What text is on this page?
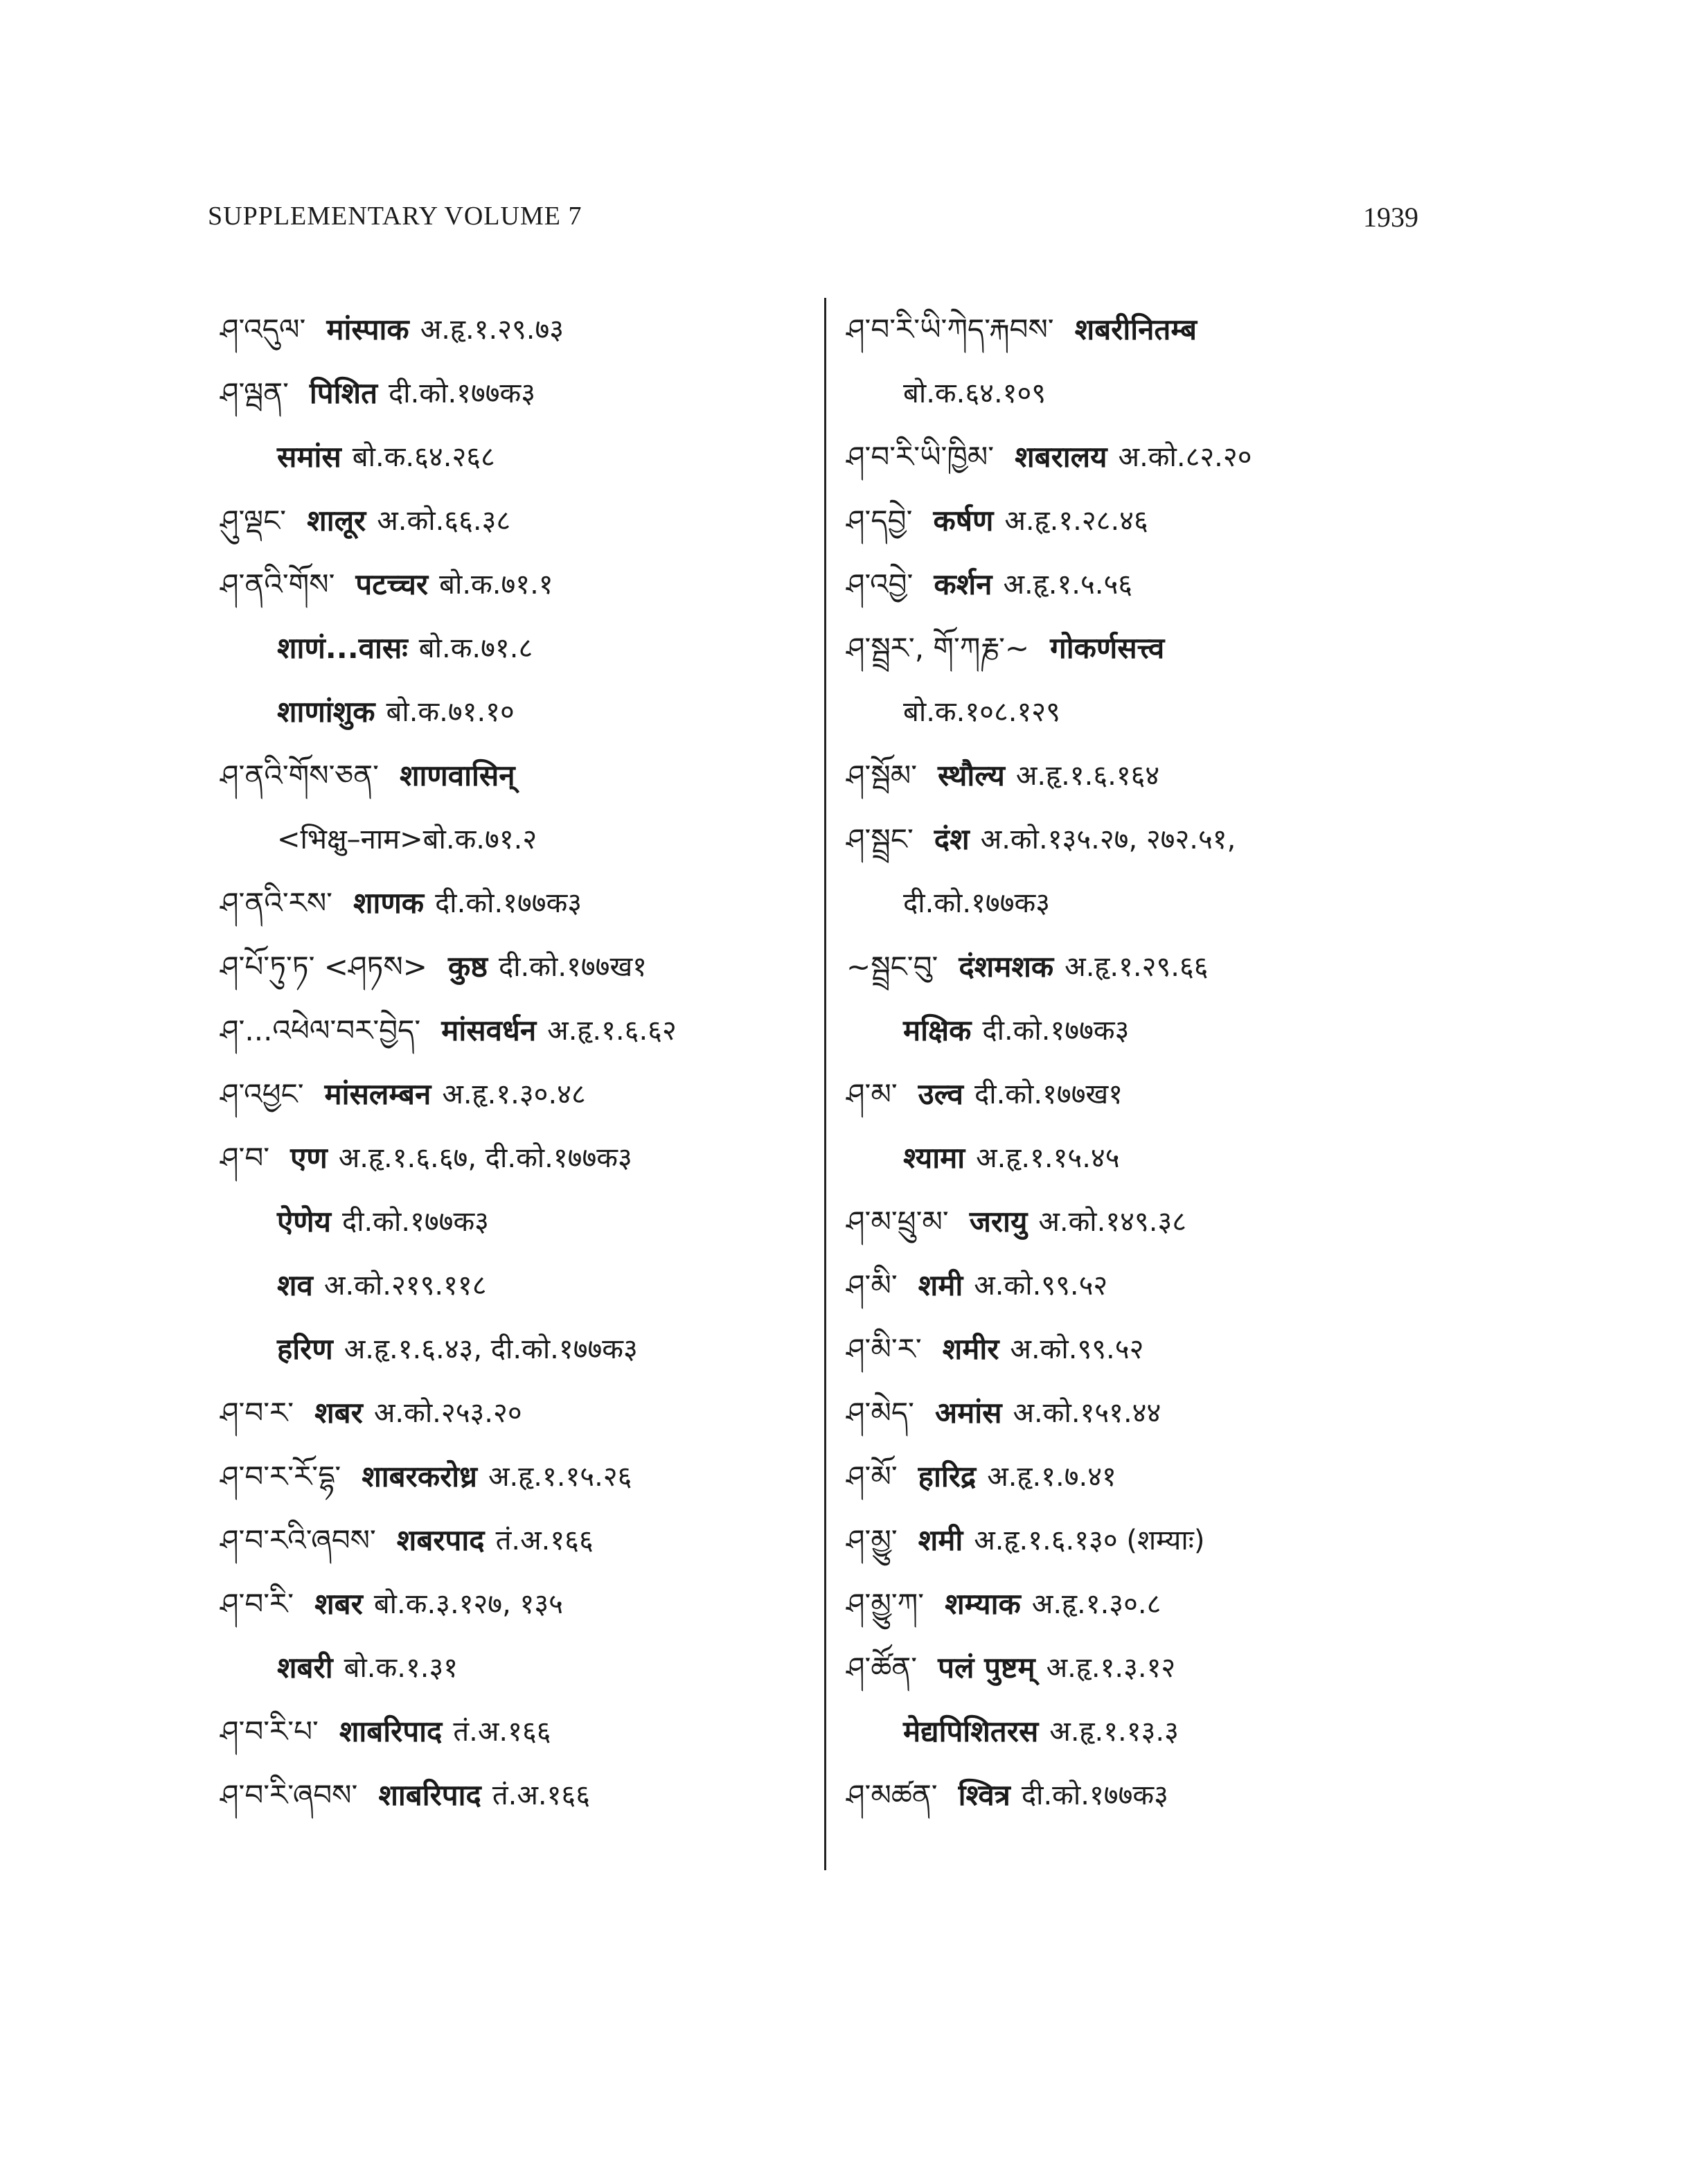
SUPPLEMENTARY VOLUME 7	1939
ཤ་འདུལ་ मांस्पाक अ.हृ.१.२९.७३
ཤ་ལྦན་ पिशित दी.को.१७७क३
समांस बो.क.६४.२६८
ཤུ་ལྡང་ शालूर अ.को.६६.३८
ཤ་ནའི་གོས་ पटच्चर बो.क.७१.१
शाणं...वासः बो.क.७१.८
शाणांशुक बो.क.७१.१०
ཤ་ནའི་གོས་ཅན་ शाणवासिन्
<भिक्षु–नाम>बो.क.७१.२
ཤ་ནའི་རས་ शाणक दी.को.१७७क३
ཤ་པོ་ཏུ་ཏ་ <ཤཏས> कुष्ठ दी.को.१७७ख१
ཤ་...འཕེལ་བར་བྱེད་ मांसवर्धन अ.हृ.१.६.६२
ཤ་འཕྱང་ मांसलम्बन अ.हृ.१.३०.४८
ཤ་བ་ एण अ.हृ.१.६.६७, दी.को.१७७क३
ऐणेय दी.को.१७७क३
शव अ.को.२१९.११८
हरिण अ.हृ.१.६.४३, दी.को.१७७क३
ཤ་བ་ར་ शबर अ.को.२५३.२०
ཤ་བ་ར་རོ་དྷ་ शाबरकरोध्र अ.हृ.१.१५.२६
ཤ་བ་རའི་ཞབས་ शबरपाद तं.अ.१६६
ཤ་བ་རི་ शबर बो.क.३.१२७, १३५
शबरी बो.क.१.३१
ཤ་བ་རི་པ་ शाबरिपाद तं.अ.१६६
ཤ་བ་རི་ཞབས་ शाबरिपाद तं.अ.१६६
ཤ་བ་རི་ཡི་ཀེད་རྐབས་ शबरीनितम्ब
बो.क.६४.१०९
ཤ་བ་རི་ཡི་ཁྱིམ་ शबरालय अ.को.८२.२०
ཤ་དབྱེ་ कर्षण अ.हृ.१.२८.४६
ཤ་འབྱེ་ कर्शन अ.हृ.१.५.५६
ཤ་སྦྲར་, གོ་ཀརྞ་~ गोकर्णसत्त्व
बो.क.१०८.१२९
ཤ་སྦོམ་ स्थौल्य अ.हृ.१.६.१६४
ཤ་སྦྲང་ दंश अ.को.१३५.२७, २७२.५१,
दी.को.१७७क३
~སྦྲང་བུ་ दंशमशक अ.हृ.१.२९.६६
मक्षिक दी.को.१७७क३
ཤ་མ་ उल्व दी.को.१७७ख१
श्यामा अ.हृ.१.१५.४५
ཤ་མ་ཕྲུ་མ་ जरायु अ.को.१४९.३८
ཤ་མི་ शमी अ.को.९९.५२
ཤ་མི་ར་ शमीर अ.को.९९.५२
ཤ་མེད་ अमांस अ.को.१५१.४४
ཤ་མོ་ हारिद्र अ.हृ.१.७.४१
ཤ་མྱུ་ शमी अ.हृ.१.६.१३० (शम्याः)
ཤ་མྱུ་ཀ་ शम्याक अ.हृ.१.३०.८
ཤ་ཚོན་ पलं पुष्टम् अ.हृ.१.३.१२
मेद्यपिशितरस अ.हृ.१.१३.३
ཤ་མཚན་ श्वित्र दी.को.१७७क३
